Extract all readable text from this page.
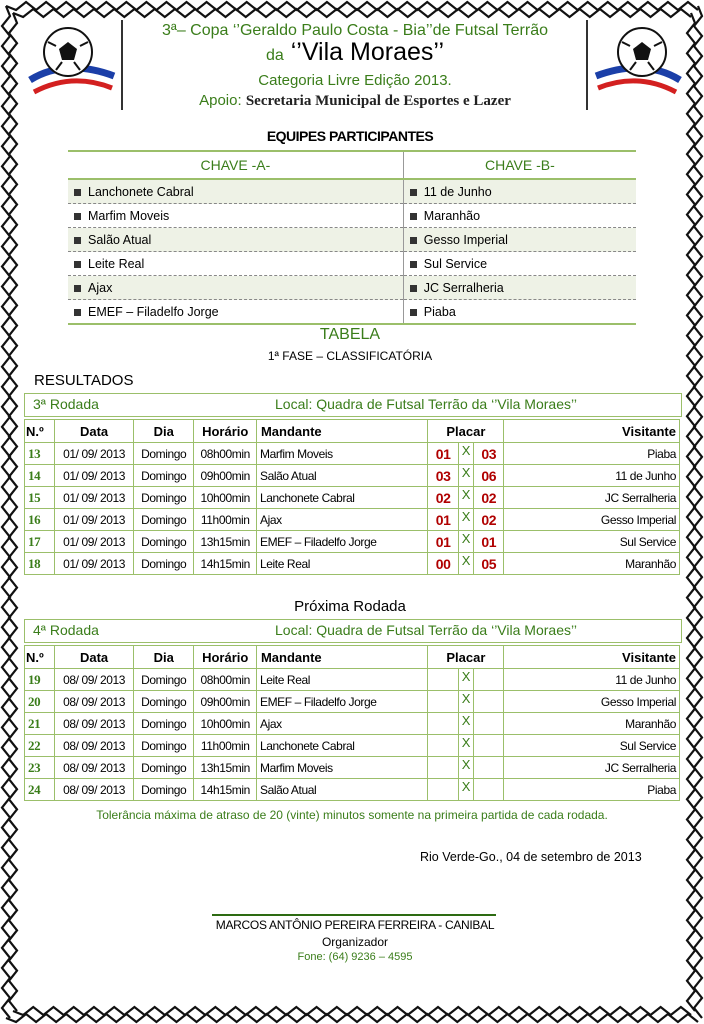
3ª– Copa ‘’Geraldo Paulo Costa - Bia’’de Futsal Terrão
da ‘’Vila Moraes’’
Categoria Livre Edição 2013.
Apoio: Secretaria Municipal de Esportes e Lazer
EQUIPES PARTICIPANTES
CHAVE -A-	CHAVE -B-
Lanchonete Cabral	11 de Junho
Marfim Moveis	Maranhão
Salão Atual	Gesso Imperial
Leite Real	Sul Service
Ajax	JC Serralheria
EMEF – Filadelfo Jorge	Piaba
TABELA
1ª FASE – CLASSIFICATÓRIA
RESULTADOS
3ª Rodada	Local: Quadra de Futsal Terrão da ‘’Vila Moraes’’
N.º	Data	Dia	Horário	Mandante	Placar			Visitante
13	01/ 09/ 2013	Domingo	08h00min	Marfim Moveis	01	X	03	Piaba
14	01/ 09/ 2013	Domingo	09h00min	Salão Atual	03	X	06	11 de Junho
15	01/ 09/ 2013	Domingo	10h00min	Lanchonete Cabral	02	X	02	JC Serralheria
16	01/ 09/ 2013	Domingo	11h00min	Ajax	01	X	02	Gesso Imperial
17	01/ 09/ 2013	Domingo	13h15min	EMEF – Filadelfo Jorge	01	X	01	Sul Service
18	01/ 09/ 2013	Domingo	14h15min	Leite Real	00	X	05	Maranhão
Próxima Rodada
4ª Rodada	Local: Quadra de Futsal Terrão da ‘’Vila Moraes’’
N.º	Data	Dia	Horário	Mandante	Placar			Visitante
19	08/ 09/ 2013	Domingo	08h00min	Leite Real		X		11 de Junho
20	08/ 09/ 2013	Domingo	09h00min	EMEF – Filadelfo Jorge		X		Gesso Imperial
21	08/ 09/ 2013	Domingo	10h00min	Ajax		X		Maranhão
22	08/ 09/ 2013	Domingo	11h00min	Lanchonete Cabral		X		Sul Service
23	08/ 09/ 2013	Domingo	13h15min	Marfim Moveis		X		JC Serralheria
24	08/ 09/ 2013	Domingo	14h15min	Salão Atual		X		Piaba
Tolerância máxima de atraso de 20 (vinte) minutos somente na primeira partida de cada rodada.
Rio Verde-Go., 04 de setembro de 2013
MARCOS ANTÔNIO PEREIRA FERREIRA - CANIBAL
Organizador
Fone: (64) 9236 – 4595
